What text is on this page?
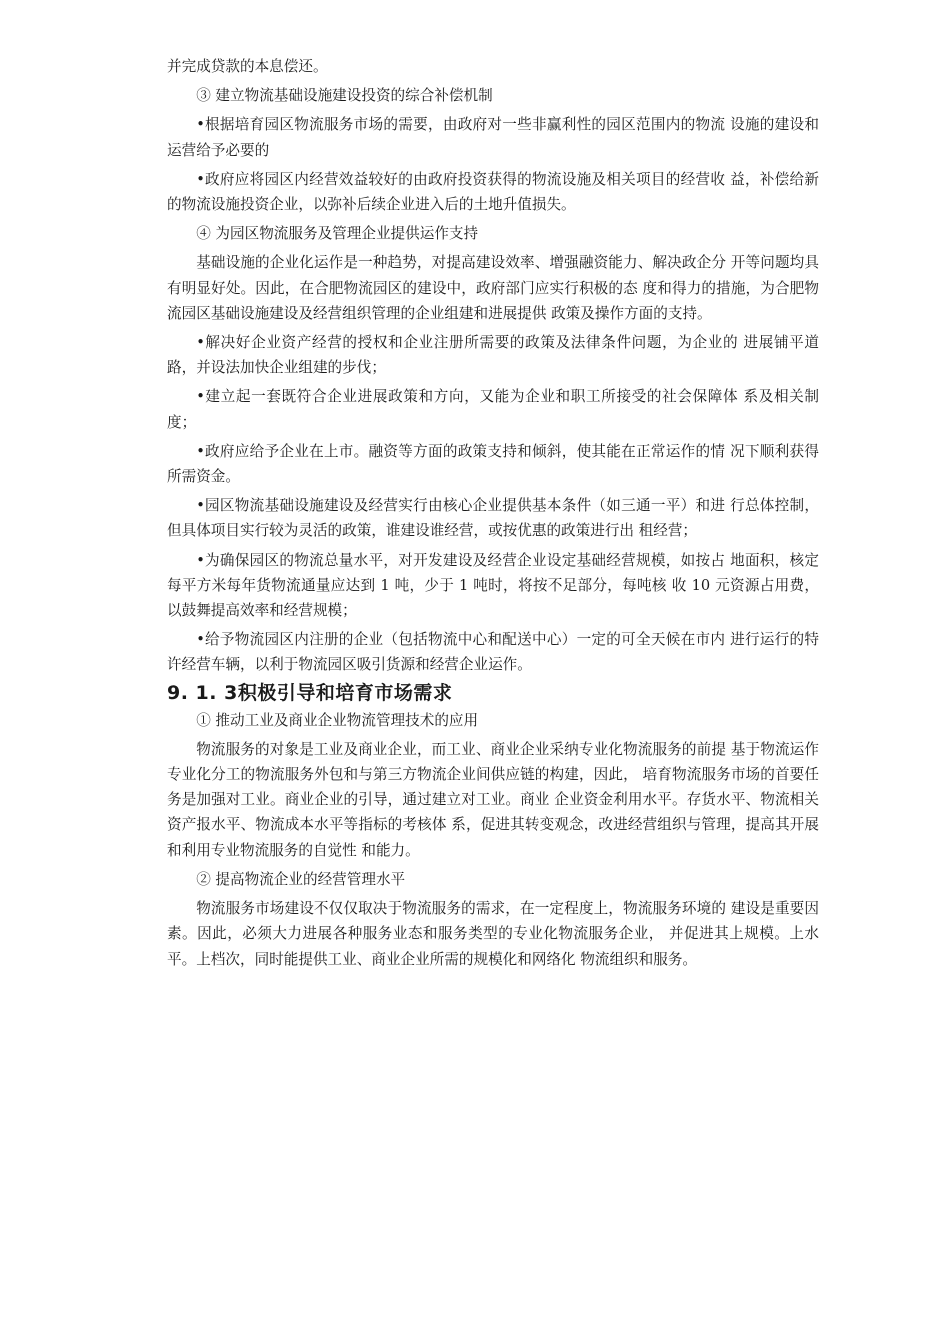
并完成贷款的本息偿还。

③ 建立物流基础设施建设投资的综合补偿机制

•根据培育园区物流服务市场的需要，由政府对一些非赢利性的园区范围内的物流 设施的建设和运营给予必要的

•政府应将园区内经营效益较好的由政府投资获得的物流设施及相关项目的经营收 益，补偿给新的物流设施投资企业，以弥补后续企业进入后的土地升值损失。

④ 为园区物流服务及管理企业提供运作支持

基础设施的企业化运作是一种趋势，对提高建设效率、增强融资能力、解决政企分 开等问题均具有明显好处。因此，在合肥物流园区的建设中，政府部门应实行积极的态 度和得力的措施，为合肥物流园区基础设施建设及经营组织管理的企业组建和进展提供 政策及操作方面的支持。

•解决好企业资产经营的授权和企业注册所需要的政策及法律条件问题，为企业的 进展铺平道路，并设法加快企业组建的步伐；

•建立起一套既符合企业进展政策和方向，又能为企业和职工所接受的社会保障体 系及相关制度；

•政府应给予企业在上市。融资等方面的政策支持和倾斜，使其能在正常运作的情 况下顺利获得所需资金。

•园区物流基础设施建设及经营实行由核心企业提供基本条件（如三通一平）和进 行总体控制，但具体项目实行较为灵活的政策，谁建设谁经营，或按优惠的政策进行出 租经营；

•为确保园区的物流总量水平，对开发建设及经营企业设定基础经营规模，如按占 地面积，核定每平方米每年货物流通量应达到 1 吨，少于 1 吨时，将按不足部分，每吨核 收 10 元资源占用费，以鼓舞提高效率和经营规模；

•给予物流园区内注册的企业（包括物流中心和配送中心）一定的可全天候在市内 进行运行的特许经营车辆，以利于物流园区吸引货源和经营企业运作。

9. 1. 3积极引导和培育市场需求

① 推动工业及商业企业物流管理技术的应用

物流服务的对象是工业及商业企业，而工业、商业企业采纳专业化物流服务的前提 基于物流运作专业化分工的物流服务外包和与第三方物流企业间供应链的构建，因此， 培育物流服务市场的首要任务是加强对工业。商业企业的引导，通过建立对工业。商业 企业资金利用水平。存货水平、物流相关资产报水平、物流成本水平等指标的考核体 系，促进其转变观念，改进经营组织与管理，提高其开展和利用专业物流服务的自觉性 和能力。

② 提高物流企业的经营管理水平

物流服务市场建设不仅仅取决于物流服务的需求，在一定程度上，物流服务环境的 建设是重要因素。因此，必须大力进展各种服务业态和服务类型的专业化物流服务企业， 并促进其上规模。上水平。上档次，同时能提供工业、商业企业所需的规模化和网络化 物流组织和服务。
